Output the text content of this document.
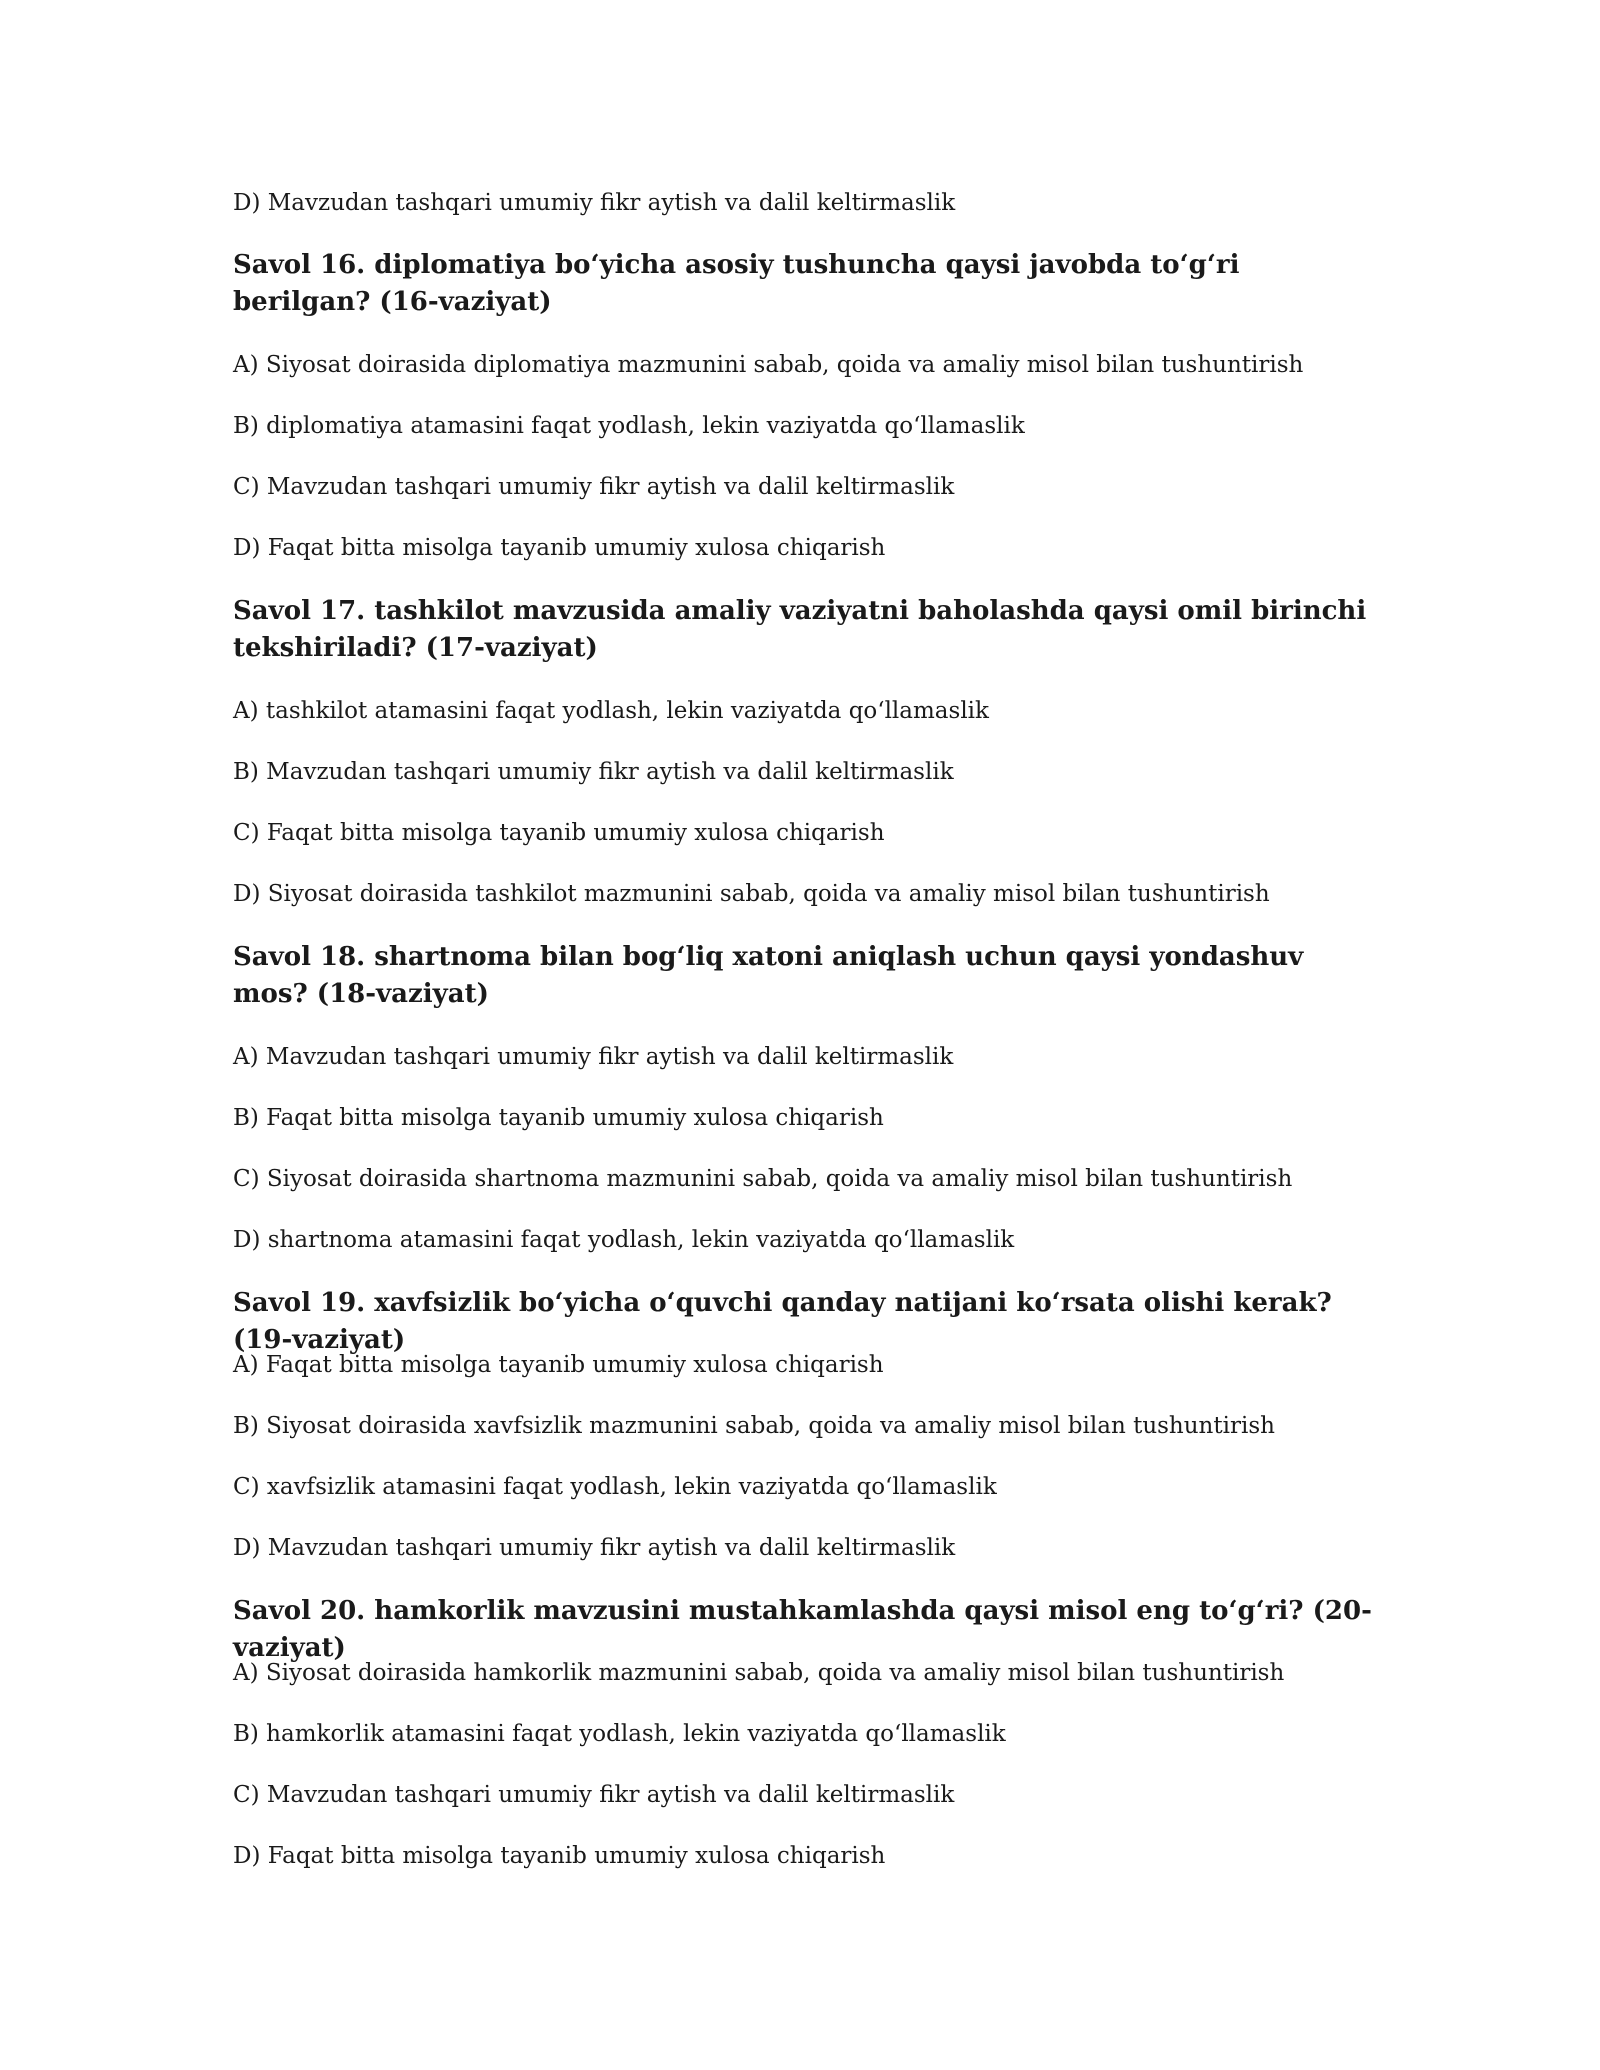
D) Mavzudan tashqari umumiy fikr aytish va dalil keltirmaslik
Savol 16. diplomatiya bo‘yicha asosiy tushuncha qaysi javobda to‘g‘ri berilgan? (16-vaziyat)
A) Siyosat doirasida diplomatiya mazmunini sabab, qoida va amaliy misol bilan tushuntirish
B) diplomatiya atamasini faqat yodlash, lekin vaziyatda qo‘llamaslik
C) Mavzudan tashqari umumiy fikr aytish va dalil keltirmaslik
D) Faqat bitta misolga tayanib umumiy xulosa chiqarish
Savol 17. tashkilot mavzusida amaliy vaziyatni baholashda qaysi omil birinchi tekshiriladi? (17-vaziyat)
A) tashkilot atamasini faqat yodlash, lekin vaziyatda qo‘llamaslik
B) Mavzudan tashqari umumiy fikr aytish va dalil keltirmaslik
C) Faqat bitta misolga tayanib umumiy xulosa chiqarish
D) Siyosat doirasida tashkilot mazmunini sabab, qoida va amaliy misol bilan tushuntirish
Savol 18. shartnoma bilan bog‘liq xatoni aniqlash uchun qaysi yondashuv mos? (18-vaziyat)
A) Mavzudan tashqari umumiy fikr aytish va dalil keltirmaslik
B) Faqat bitta misolga tayanib umumiy xulosa chiqarish
C) Siyosat doirasida shartnoma mazmunini sabab, qoida va amaliy misol bilan tushuntirish
D) shartnoma atamasini faqat yodlash, lekin vaziyatda qo‘llamaslik
Savol 19. xavfsizlik bo‘yicha o‘quvchi qanday natijani ko‘rsata olishi kerak? (19-vaziyat)
A) Faqat bitta misolga tayanib umumiy xulosa chiqarish
B) Siyosat doirasida xavfsizlik mazmunini sabab, qoida va amaliy misol bilan tushuntirish
C) xavfsizlik atamasini faqat yodlash, lekin vaziyatda qo‘llamaslik
D) Mavzudan tashqari umumiy fikr aytish va dalil keltirmaslik
Savol 20. hamkorlik mavzusini mustahkamlashda qaysi misol eng to‘g‘ri? (20-vaziyat)
A) Siyosat doirasida hamkorlik mazmunini sabab, qoida va amaliy misol bilan tushuntirish
B) hamkorlik atamasini faqat yodlash, lekin vaziyatda qo‘llamaslik
C) Mavzudan tashqari umumiy fikr aytish va dalil keltirmaslik
D) Faqat bitta misolga tayanib umumiy xulosa chiqarish
